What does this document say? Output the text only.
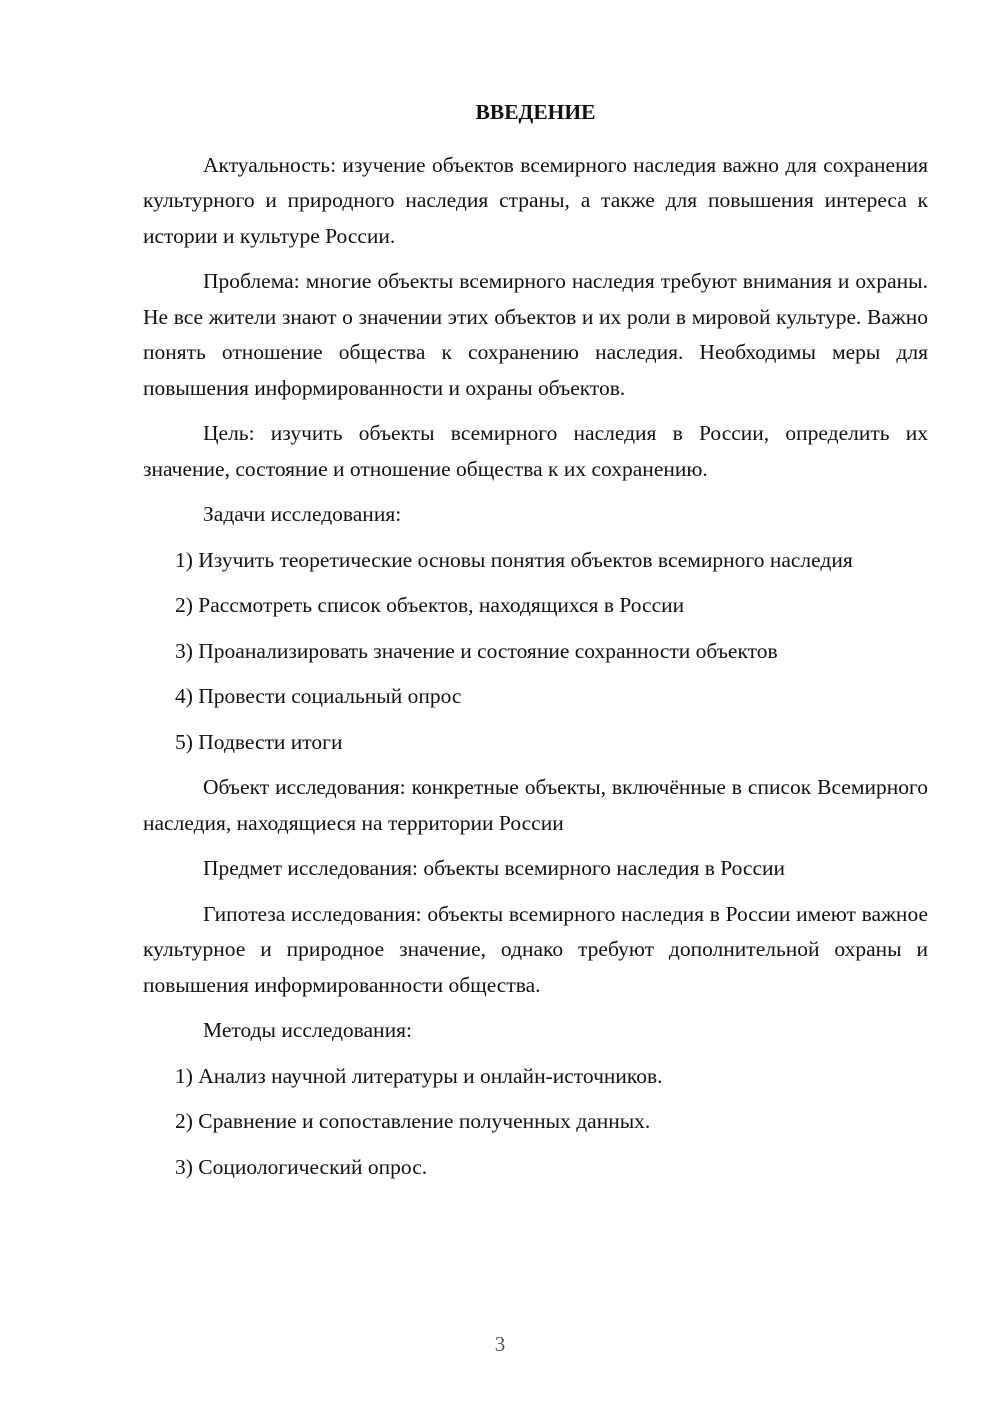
ВВЕДЕНИЕ
Актуальность: изучение объектов всемирного наследия важно для сохранения культурного и природного наследия страны, а также для повышения интереса к истории и культуре России.
Проблема: многие объекты всемирного наследия требуют внимания и охраны. Не все жители знают о значении этих объектов и их роли в мировой культуре. Важно понять отношение общества к сохранению наследия. Необходимы меры для повышения информированности и охраны объектов.
Цель: изучить объекты всемирного наследия в России, определить их значение, состояние и отношение общества к их сохранению.
Задачи исследования:
1) Изучить теоретические основы понятия объектов всемирного наследия
2) Рассмотреть список объектов, находящихся в России
3) Проанализировать значение и состояние сохранности объектов
4) Провести социальный опрос
5) Подвести итоги
Объект исследования: конкретные объекты, включённые в список Всемирного наследия, находящиеся на территории России
Предмет исследования: объекты всемирного наследия в России
Гипотеза исследования: объекты всемирного наследия в России имеют важное культурное и природное значение, однако требуют дополнительной охраны и повышения информированности общества.
Методы исследования:
1) Анализ научной литературы и онлайн-источников.
2) Сравнение и сопоставление полученных данных.
3) Социологический опрос.
3
